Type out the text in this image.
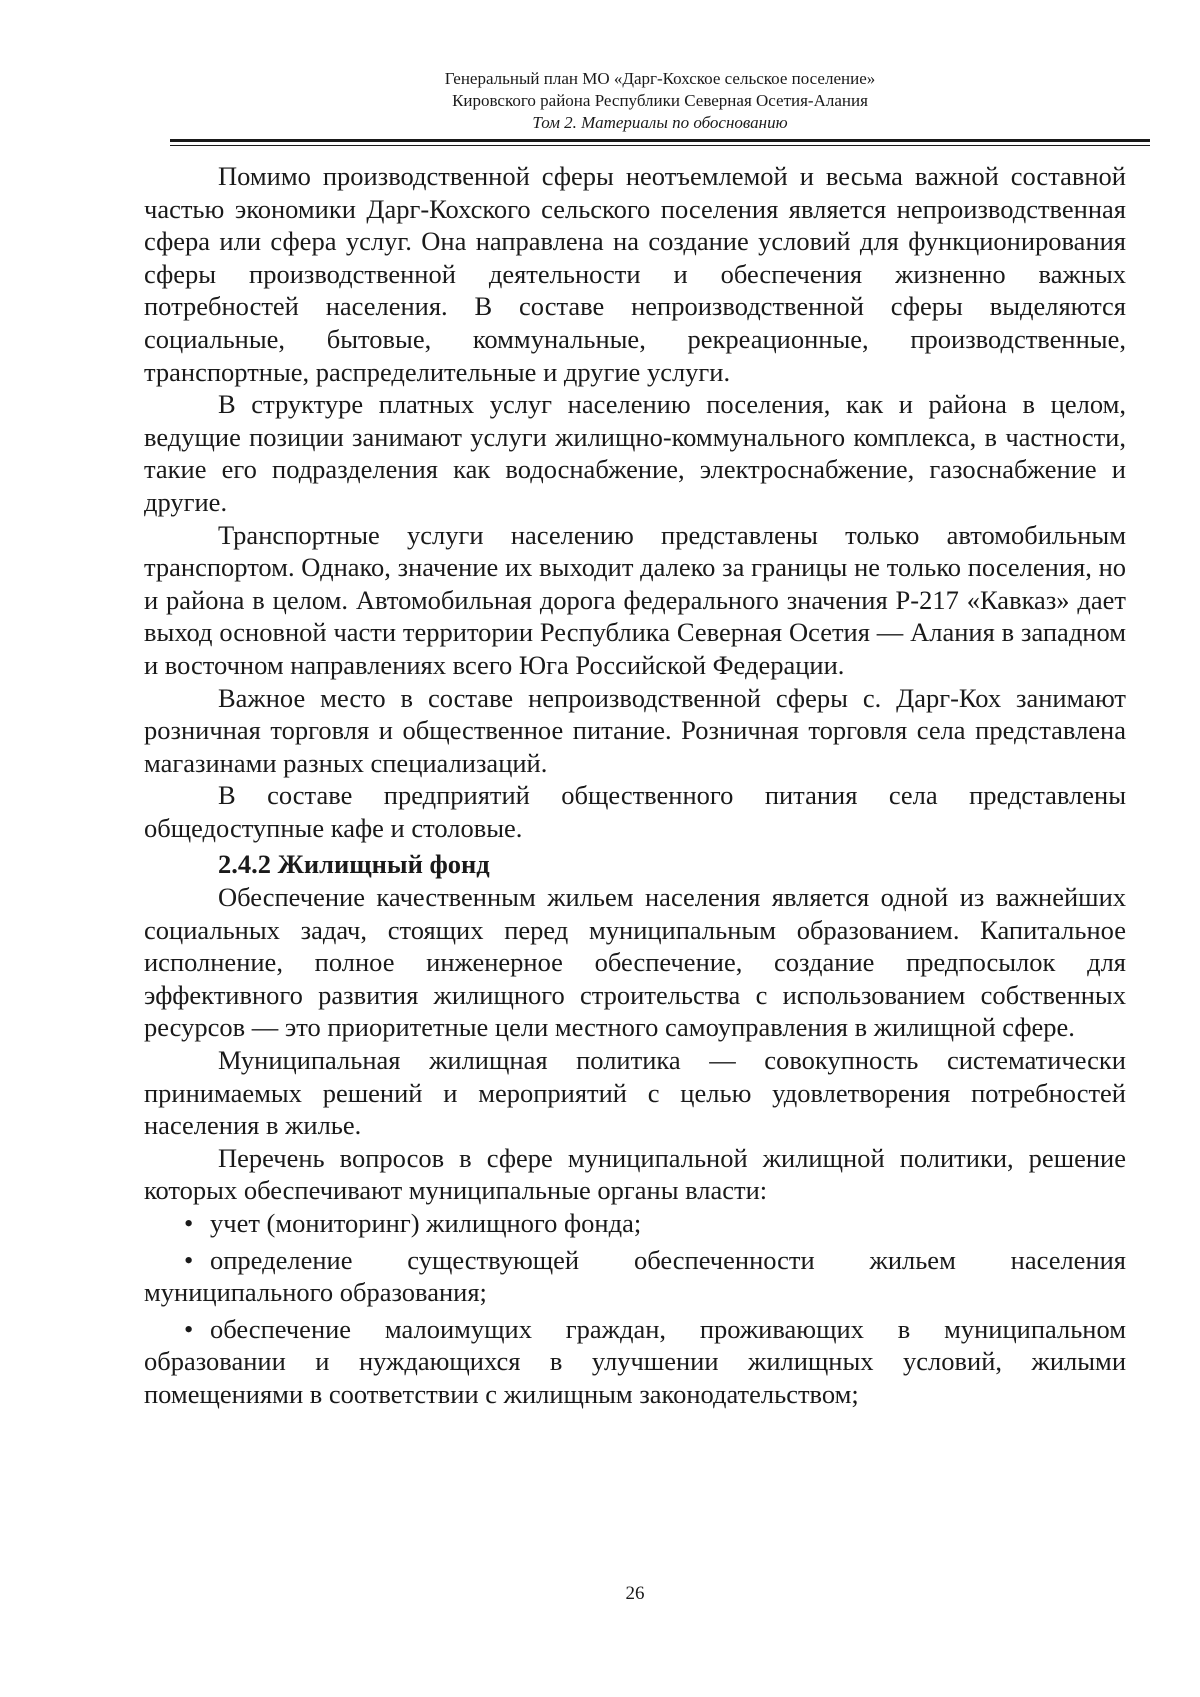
Генеральный план МО «Дарг-Кохское сельское поселение»
Кировского района Республики Северная Осетия-Алания
Том 2. Материалы по обоснованию

Помимо производственной сферы неотъемлемой и весьма важной составной частью экономики Дарг-Кохского сельского поселения является непроизводственная сфера или сфера услуг. Она направлена на создание условий для функционирования сферы производственной деятельности и обеспечения жизненно важных потребностей населения. В составе непроизводственной сферы выделяются социальные, бытовые, коммунальные, рекреационные, производственные, транспортные, распределительные и другие услуги.

В структуре платных услуг населению поселения, как и района в целом, ведущие позиции занимают услуги жилищно-коммунального комплекса, в частности, такие его подразделения как водоснабжение, электроснабжение, газоснабжение и другие.

Транспортные услуги населению представлены только автомобильным транспортом. Однако, значение их выходит далеко за границы не только поселения, но и района в целом. Автомобильная дорога федерального значения Р-217 «Кавказ» дает выход основной части территории Республика Северная Осетия — Алания в западном и восточном направлениях всего Юга Российской Федерации.

Важное место в составе непроизводственной сферы с. Дарг-Кох занимают розничная торговля и общественное питание. Розничная торговля села представлена магазинами разных специализаций.

В составе предприятий общественного питания села представлены общедоступные кафе и столовые.

2.4.2 Жилищный фонд

Обеспечение качественным жильем населения является одной из важнейших социальных задач, стоящих перед муниципальным образованием. Капитальное исполнение, полное инженерное обеспечение, создание предпосылок для эффективного развития жилищного строительства с использованием собственных ресурсов — это приоритетные цели местного самоуправления в жилищной сфере.

Муниципальная жилищная политика — совокупность систематически принимаемых решений и мероприятий с целью удовлетворения потребностей населения в жилье.

Перечень вопросов в сфере муниципальной жилищной политики, решение которых обеспечивают муниципальные органы власти:

• учет (мониторинг) жилищного фонда;
• определение существующей обеспеченности жильем населения муниципального образования;
• обеспечение малоимущих граждан, проживающих в муниципальном образовании и нуждающихся в улучшении жилищных условий, жилыми помещениями в соответствии с жилищным законодательством;
26
